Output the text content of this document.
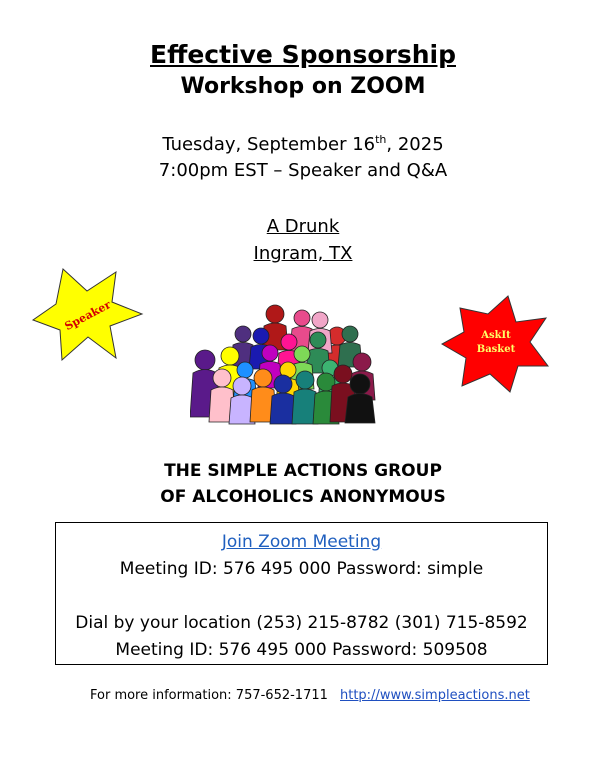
Effective Sponsorship
Workshop on ZOOM
Tuesday, September 16th, 2025
7:00pm EST – Speaker and Q&A
A Drunk
Ingram, TX
Speaker
AskIt
Basket
THE SIMPLE ACTIONS GROUP
OF ALCOHOLICS ANONYMOUS
Join Zoom Meeting
Meeting ID: 576 495 000 Password: simple
Dial by your location (253) 215-8782 (301) 715-8592
Meeting ID: 576 495 000 Password: 509508
For more information: 757-652-1711 http://www.simpleactions.net
